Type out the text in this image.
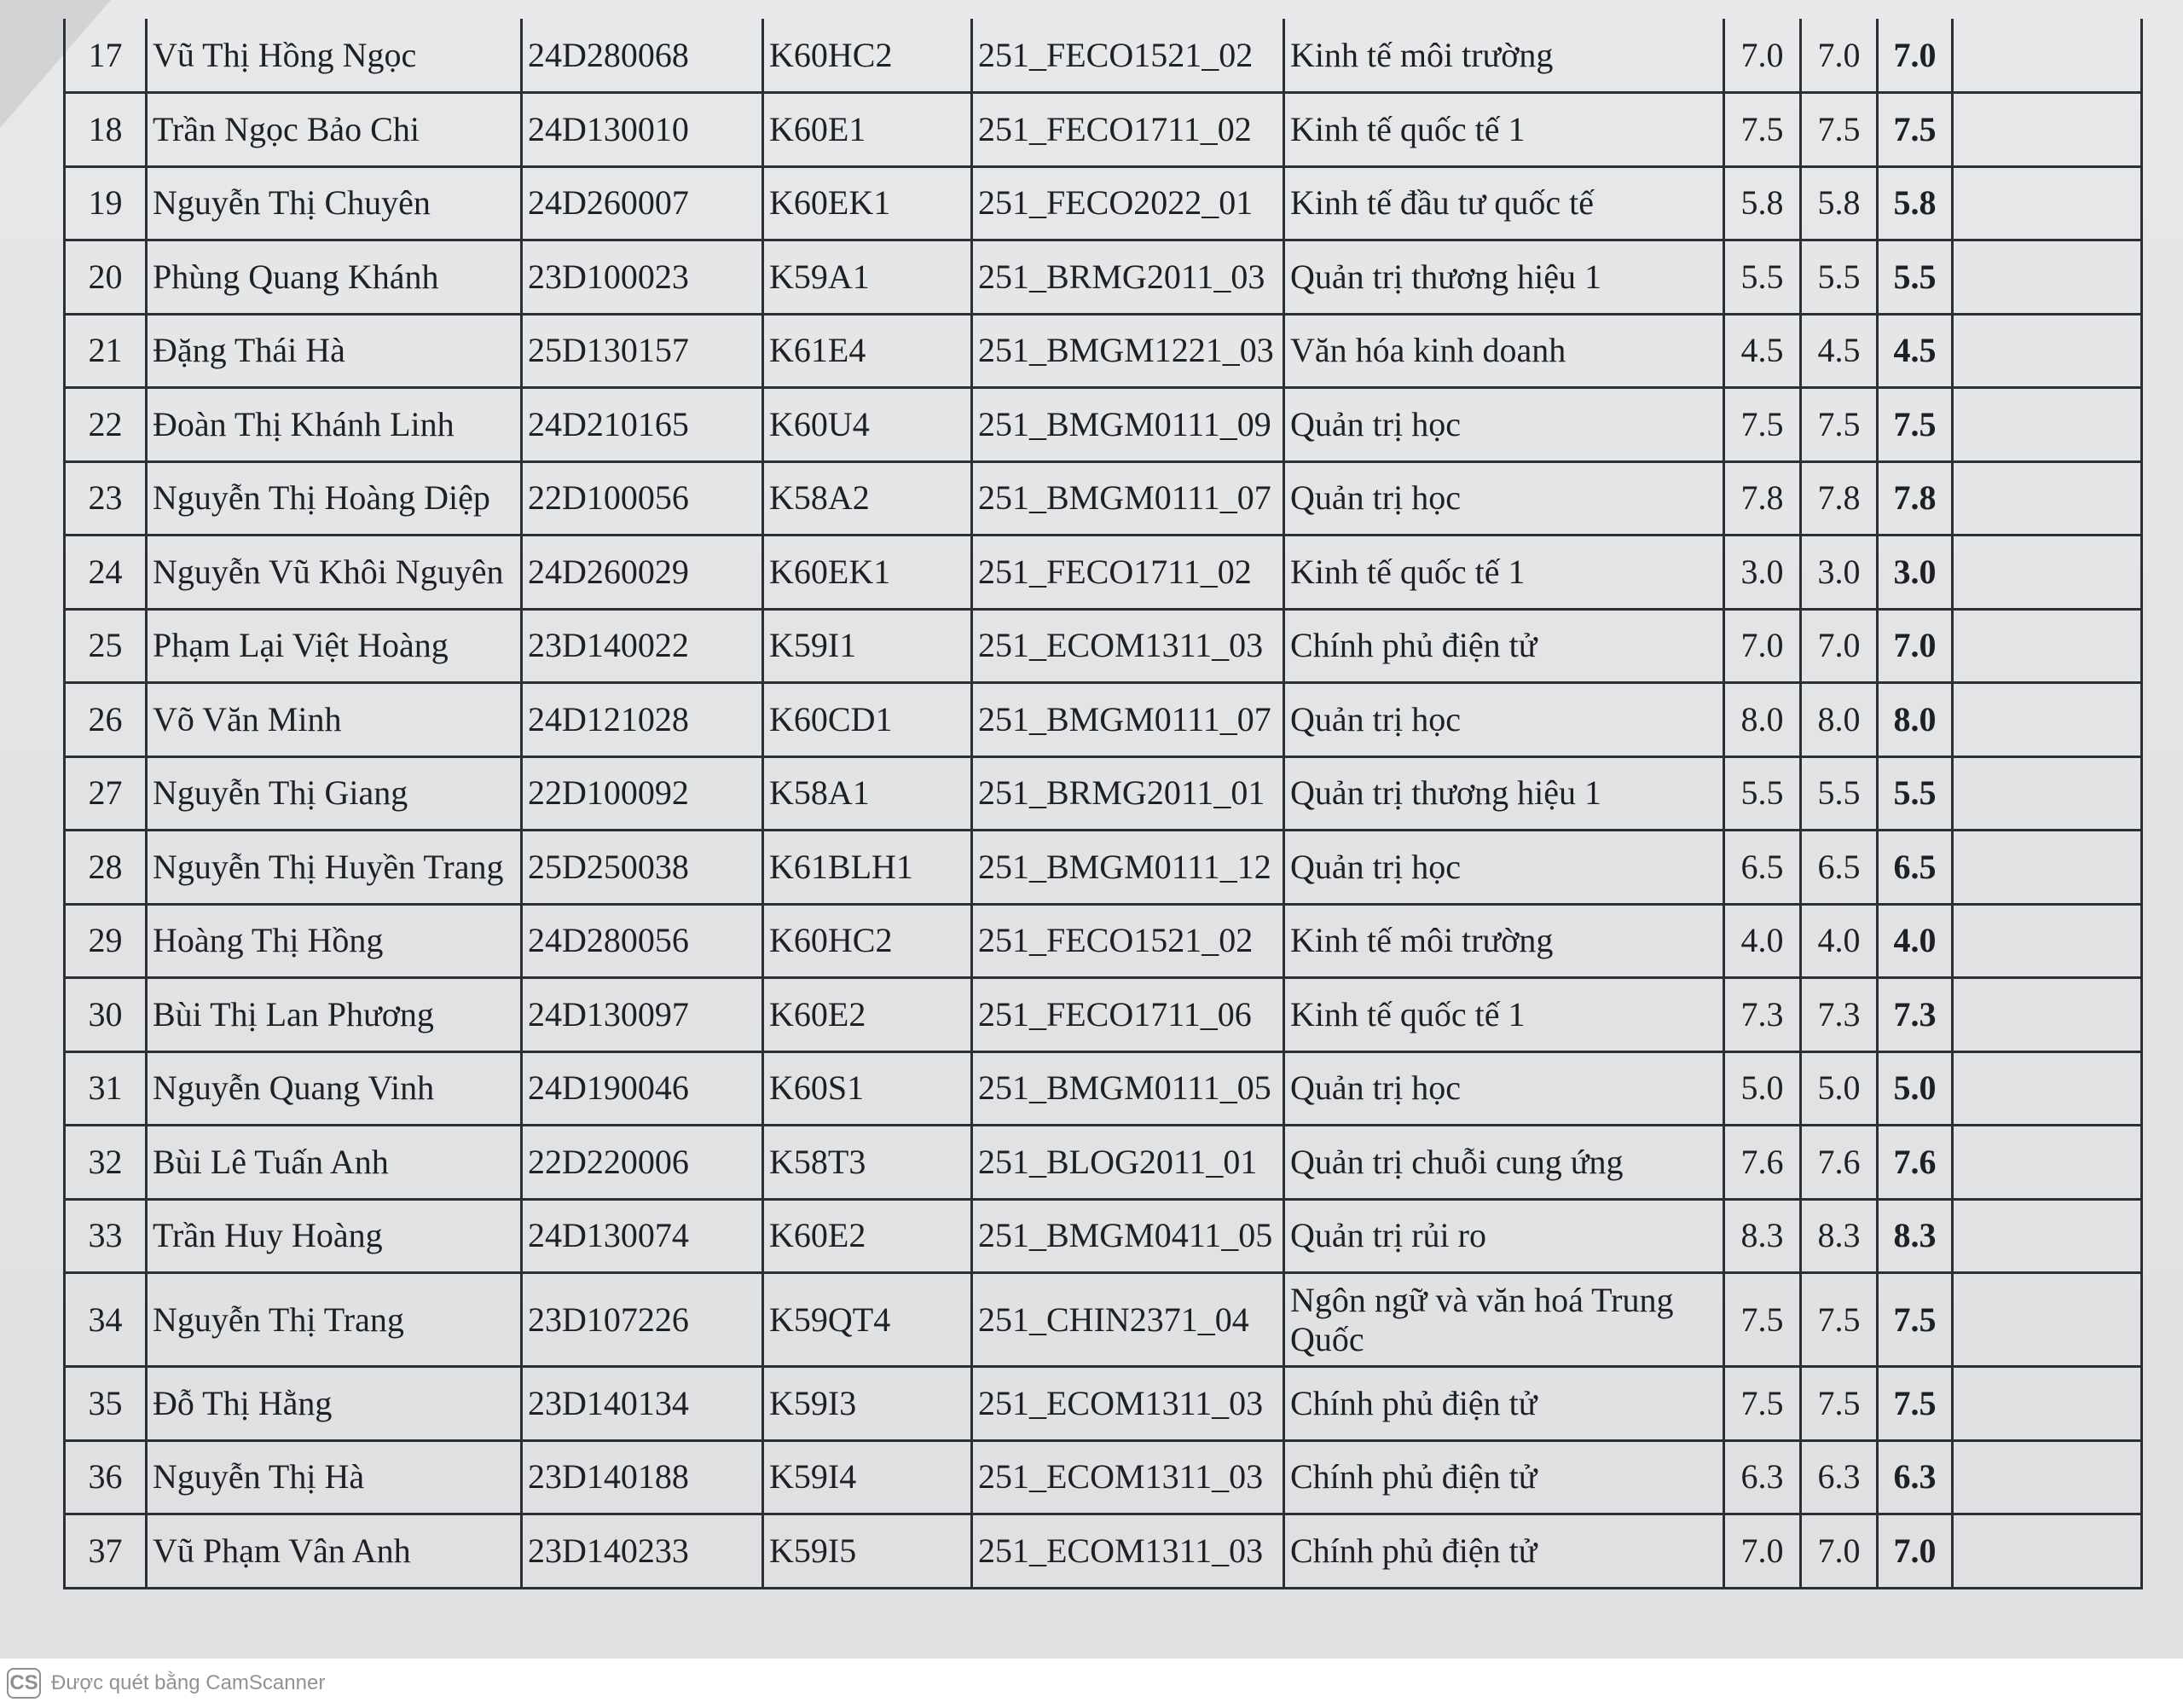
17	Vũ Thị Hồng Ngọc	24D280068	K60HC2	251_FECO1521_02	Kinh tế môi trường	7.0	7.0	7.0	
18	Trần Ngọc Bảo Chi	24D130010	K60E1	251_FECO1711_02	Kinh tế quốc tế 1	7.5	7.5	7.5	
19	Nguyễn Thị Chuyên	24D260007	K60EK1	251_FECO2022_01	Kinh tế đầu tư quốc tế	5.8	5.8	5.8	
20	Phùng Quang Khánh	23D100023	K59A1	251_BRMG2011_03	Quản trị thương hiệu 1	5.5	5.5	5.5	
21	Đặng Thái Hà	25D130157	K61E4	251_BMGM1221_03	Văn hóa kinh doanh	4.5	4.5	4.5	
22	Đoàn Thị Khánh Linh	24D210165	K60U4	251_BMGM0111_09	Quản trị học	7.5	7.5	7.5	
23	Nguyễn Thị Hoàng Diệp	22D100056	K58A2	251_BMGM0111_07	Quản trị học	7.8	7.8	7.8	
24	Nguyễn Vũ Khôi Nguyên	24D260029	K60EK1	251_FECO1711_02	Kinh tế quốc tế 1	3.0	3.0	3.0	
25	Phạm Lại Việt Hoàng	23D140022	K59I1	251_ECOM1311_03	Chính phủ điện tử	7.0	7.0	7.0	
26	Võ Văn Minh	24D121028	K60CD1	251_BMGM0111_07	Quản trị học	8.0	8.0	8.0	
27	Nguyễn Thị Giang	22D100092	K58A1	251_BRMG2011_01	Quản trị thương hiệu 1	5.5	5.5	5.5	
28	Nguyễn Thị Huyền Trang	25D250038	K61BLH1	251_BMGM0111_12	Quản trị học	6.5	6.5	6.5	
29	Hoàng Thị Hồng	24D280056	K60HC2	251_FECO1521_02	Kinh tế môi trường	4.0	4.0	4.0	
30	Bùi Thị Lan Phương	24D130097	K60E2	251_FECO1711_06	Kinh tế quốc tế 1	7.3	7.3	7.3	
31	Nguyễn Quang Vinh	24D190046	K60S1	251_BMGM0111_05	Quản trị học	5.0	5.0	5.0	
32	Bùi Lê Tuấn Anh	22D220006	K58T3	251_BLOG2011_01	Quản trị chuỗi cung ứng	7.6	7.6	7.6	
33	Trần Huy Hoàng	24D130074	K60E2	251_BMGM0411_05	Quản trị rủi ro	8.3	8.3	8.3	
34	Nguyễn Thị Trang	23D107226	K59QT4	251_CHIN2371_04	Ngôn ngữ và văn hoá Trung Quốc	7.5	7.5	7.5	
35	Đỗ Thị Hằng	23D140134	K59I3	251_ECOM1311_03	Chính phủ điện tử	7.5	7.5	7.5	
36	Nguyễn Thị Hà	23D140188	K59I4	251_ECOM1311_03	Chính phủ điện tử	6.3	6.3	6.3	
37	Vũ Phạm Vân Anh	23D140233	K59I5	251_ECOM1311_03	Chính phủ điện tử	7.0	7.0	7.0	
CS Được quét bằng CamScanner
